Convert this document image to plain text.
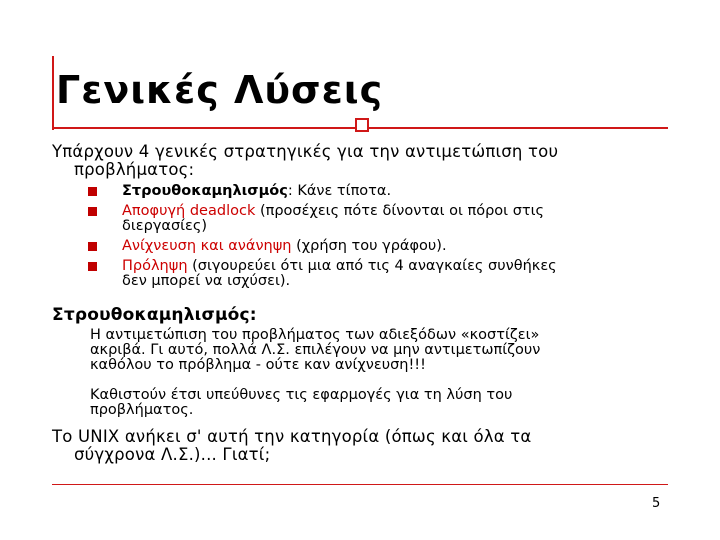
Γενικές Λύσεις
Υπάρχουν 4 γενικές στρατηγικές για την αντιμετώπιση του
προβλήματος:
Στρουθοκαμηλισμός: Κάνε τίποτα.
Αποφυγή deadlock (προσέχεις πότε δίνονται οι πόροι στις
διεργασίες)
Ανίχνευση και ανάνηψη (χρήση του γράφου).
Πρόληψη (σιγουρεύει ότι μια από τις 4 αναγκαίες συνθήκες
δεν μπορεί να ισχύσει).
Στρουθοκαμηλισμός:
Η αντιμετώπιση του προβλήματος των αδιεξόδων «κοστίζει»
ακριβά. Γι αυτό, πολλά Λ.Σ. επιλέγουν να μην αντιμετωπίζουν
καθόλου το πρόβλημα - ούτε καν ανίχνευση!!!
Καθιστούν έτσι υπεύθυνες τις εφαρμογές για τη λύση του
προβλήματος.
Το UNIX ανήκει σ' αυτή την κατηγορία (όπως και όλα τα
σύγχρονα Λ.Σ.)... Γιατί;
5
